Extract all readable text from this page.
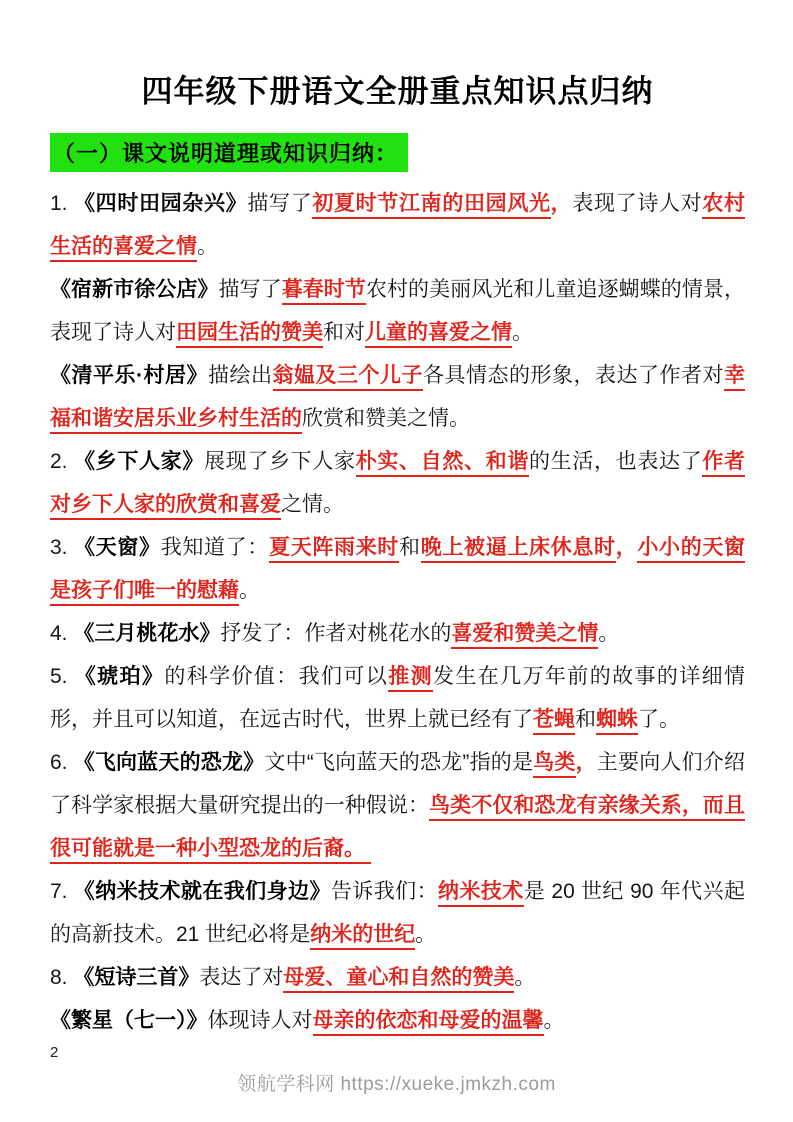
四年级下册语文全册重点知识点归纳
（一）课文说明道理或知识归纳：

1. 《四时田园杂兴》描写了初夏时节江南的田园风光，表现了诗人对农村生活的喜爱之情。

《宿新市徐公店》描写了暮春时节农村的美丽风光和儿童追逐蝴蝶的情景，表现了诗人对田园生活的赞美和对儿童的喜爱之情。

《清平乐·村居》描绘出翁媪及三个儿子各具情态的形象，表达了作者对幸福和谐安居乐业乡村生活的欣赏和赞美之情。

2. 《乡下人家》展现了乡下人家朴实、自然、和谐的生活，也表达了作者对乡下人家的欣赏和喜爱之情。

3. 《天窗》我知道了：夏天阵雨来时和晚上被逼上床休息时，小小的天窗是孩子们唯一的慰藉。

4. 《三月桃花水》抒发了：作者对桃花水的喜爱和赞美之情。

5. 《琥珀》的科学价值：我们可以推测发生在几万年前的故事的详细情形，并且可以知道，在远古时代，世界上就已经有了苍蝇和蜘蛛了。

6. 《飞向蓝天的恐龙》文中“飞向蓝天的恐龙”指的是鸟类，主要向人们介绍了科学家根据大量研究提出的一种假说：鸟类不仅和恐龙有亲缘关系，而且很可能就是一种小型恐龙的后裔。

7. 《纳米技术就在我们身边》告诉我们：纳米技术是 20 世纪 90 年代兴起的高新技术。21 世纪必将是纳米的世纪。

8. 《短诗三首》表达了对母爱、童心和自然的赞美。

《繁星（七一）》体现诗人对母亲的依恋和母爱的温馨。

2
领航学科网 https://xueke.jmkzh.com
